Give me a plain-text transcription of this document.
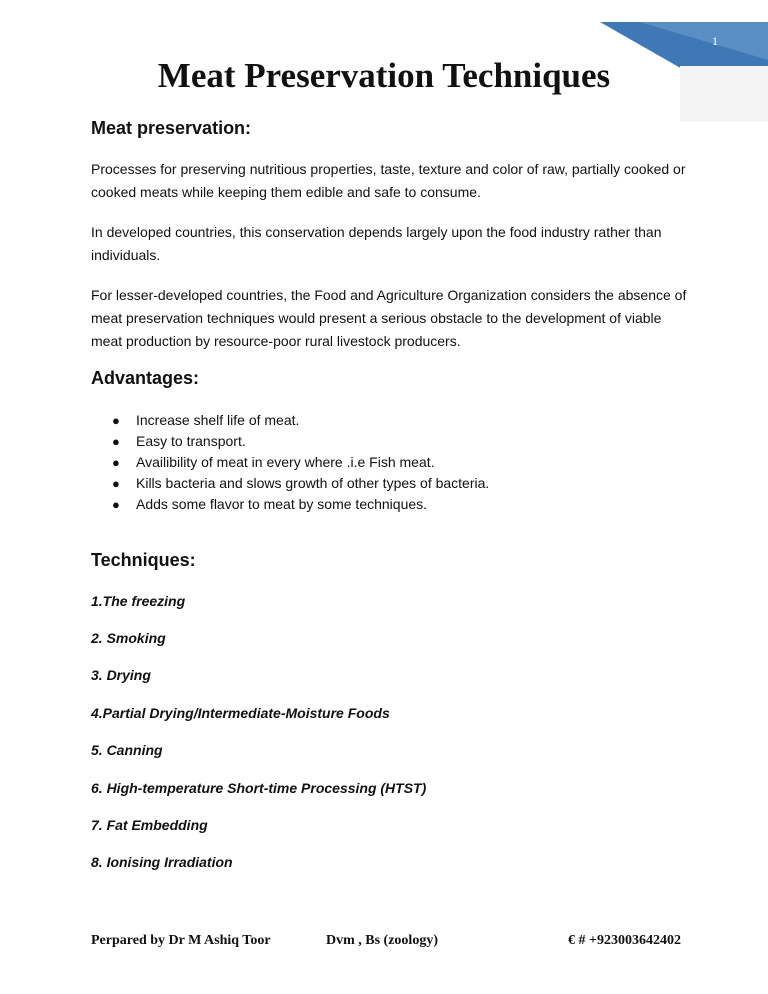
1
Meat Preservation Techniques
Meat preservation:

Processes for preserving nutritious properties, taste, texture and color of raw, partially cooked or cooked meats while keeping them edible and safe to consume.

In developed countries, this conservation depends largely upon the food industry rather than individuals.

For lesser-developed countries, the Food and Agriculture Organization considers the absence of meat preservation techniques would present a serious obstacle to the development of viable meat production by resource-poor rural livestock producers.

Advantages:
● Increase shelf life of meat.
● Easy to transport.
● Availibility of meat in every where .i.e Fish meat.
● Kills bacteria and slows growth of other types of bacteria.
● Adds some flavor to meat by some techniques.
Techniques:
1.The freezing
2. Smoking
3. Drying
4.Partial Drying/Intermediate-Moisture Foods
5. Canning
6. High-temperature Short-time Processing (HTST)
7. Fat Embedding
8. Ionising Irradiation
Perpared by Dr M Ashiq Toor	Dvm , Bs (zoology)	€ # +923003642402
